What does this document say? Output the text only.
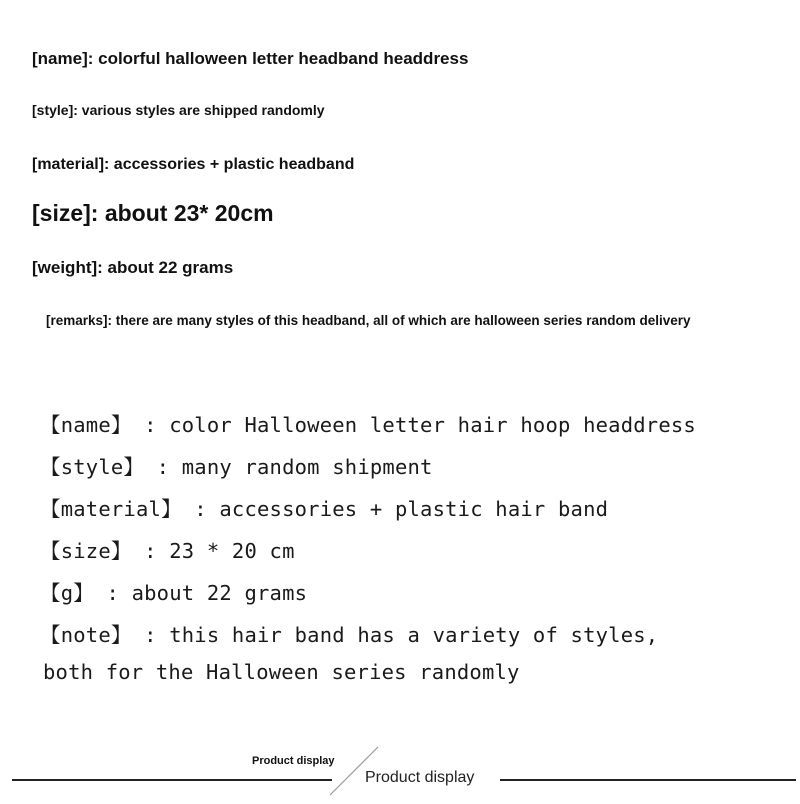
[name]: colorful halloween letter headband headdress

[style]: various styles are shipped randomly

[material]: accessories + plastic headband

[size]: about 23* 20cm

[weight]: about 22 grams

[remarks]: there are many styles of this headband, all of which are halloween series random delivery

【name】 : color Halloween letter hair hoop headdress

【style】 : many random shipment

【material】 : accessories + plastic hair band

【size】 : 23 * 20 cm

【g】 : about 22 grams

【note】 : this hair band has a variety of styles,

both for the Halloween series randomly

Product display

Product display
